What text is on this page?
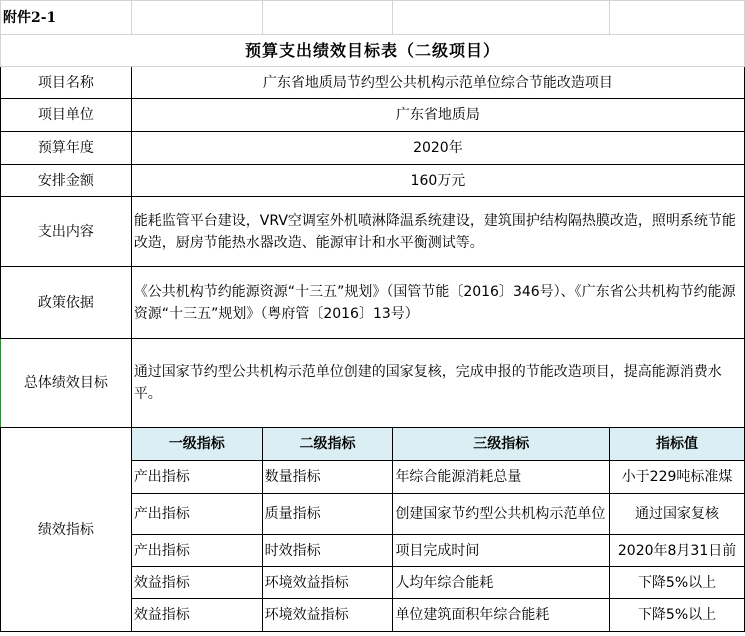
附件2-1				
预算支出绩效目标表（二级项目）				
项目名称	广东省地质局节约型公共机构示范单位综合节能改造项目			
项目单位	广东省地质局			
预算年度	2020年			
安排金额	160万元			
支出内容	能耗监管平台建设，VRV空调室外机喷淋降温系统建设，建筑围护结构隔热膜改造，照明系统节能改造，厨房节能热水器改造、能源审计和水平衡测试等。			
政策依据	《公共机构节约能源资源“十三五”规划》（国管节能〔2016〕346号）、《广东省公共机构节约能源资源“十三五”规划》（粤府管〔2016〕13号）			
总体绩效目标	通过国家节约型公共机构示范单位创建的国家复核，完成申报的节能改造项目，提高能源消费水平。			
绩效指标	一级指标	二级指标	三级指标	指标值
	产出指标	数量指标	年综合能源消耗总量	小于229吨标准煤
	产出指标	质量指标	创建国家节约型公共机构示范单位	通过国家复核
	产出指标	时效指标	项目完成时间	2020年8月31日前
	效益指标	环境效益指标	人均年综合能耗	下降5%以上
	效益指标	环境效益指标	单位建筑面积年综合能耗	下降5%以上
